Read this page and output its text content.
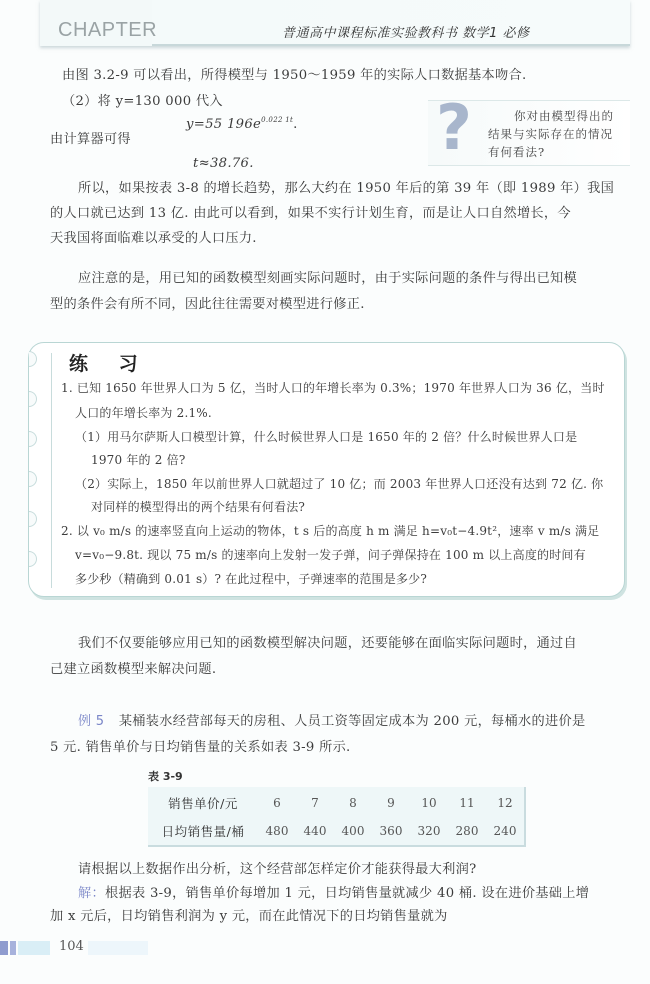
CHAPTER	普通高中课程标准实验教科书 数学1 必修
由图 3.2-9 可以看出，所得模型与 1950～1959 年的实际人口数据基本吻合.
（2）将 y=130 000 代入
y=55 $196e^{0.022 1t}$.
由计算器可得
t≈38.76.	?	你对由模型得出的
结果与实际存在的情况
有何看法?
所以，如果按表 3-8 的增长趋势，那么大约在 1950 年后的第 39 年（即 1989 年）我国
的人口就已达到 13 亿. 由此可以看到，如果不实行计划生育，而是让人口自然增长，今
天我国将面临难以承受的人口压力.
应注意的是，用已知的函数模型刻画实际问题时，由于实际问题的条件与得出已知模
型的条件会有所不同，因此往往需要对模型进行修正.
练 习
1. 已知 1650 年世界人口为 5 亿，当时人口的年增长率为 0.3%；1970 年世界人口为 36 亿，当时
人口的年增长率为 2.1%.
（1）用马尔萨斯人口模型计算，什么时候世界人口是 1650 年的 2 倍？什么时候世界人口是
1970 年的 2 倍?
（2）实际上，1850 年以前世界人口就超过了 10 亿；而 2003 年世界人口还没有达到 72 亿. 你
对同样的模型得出的两个结果有何看法?
2. 以 v₀ m/s 的速率竖直向上运动的物体，t s 后的高度 h m 满足 h=v₀t−4.9t²，速率 v m/s 满足
v=v₀−9.8t. 现以 75 m/s 的速率向上发射一发子弹，问子弹保持在 100 m 以上高度的时间有
多少秒（精确到 0.01 s）? 在此过程中，子弹速率的范围是多少?
我们不仅要能够应用已知的函数模型解决问题，还要能够在面临实际问题时，通过自
己建立函数模型来解决问题.
例 5 某桶装水经营部每天的房租、人员工资等固定成本为 200 元，每桶水的进价是
5 元. 销售单价与日均销售量的关系如表 3-9 所示.
表 3-9
销售单价/元	6	7	8	9	10	11	12
日均销售量/桶	480	440	400	360	320	280	240
请根据以上数据作出分析，这个经营部怎样定价才能获得最大利润?
解：根据表 3-9，销售单价每增加 1 元，日均销售量就减少 40 桶. 设在进价基础上增
加 x 元后，日均销售利润为 y 元，而在此情况下的日均销售量就为
104
